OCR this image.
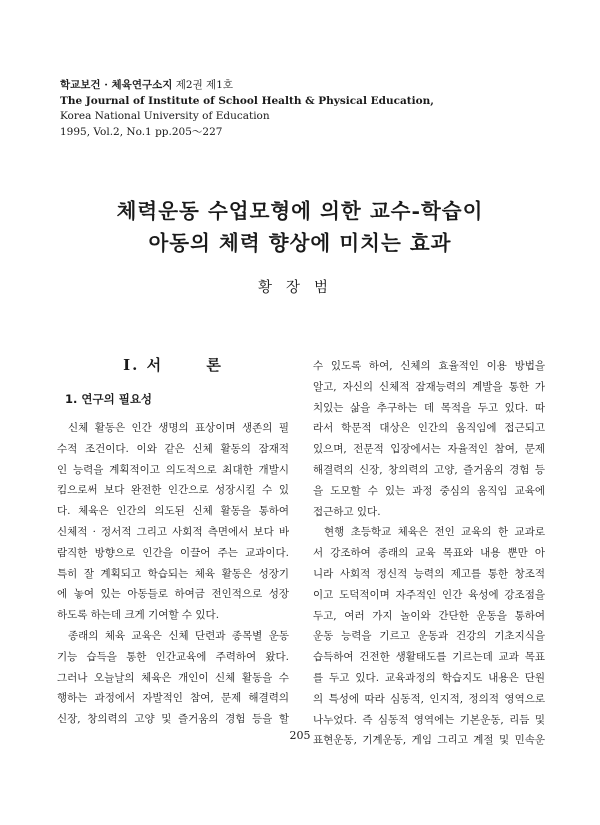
학교보건 · 체육연구소지 제2권 제1호
The Journal of Institute of School Health & Physical Education,
Korea National University of Education
1995, Vol.2, No.1 pp.205～227
체력운동 수업모형에 의한 교수-학습이
아동의 체력 향상에 미치는 효과
황장범
I. 서      론
1. 연구의 필요성

신체 활동은 인간 생명의 표상이며 생존의 필
수적 조건이다. 이와 같은 신체 활동의 잠재적
인 능력을 계획적이고 의도적으로 최대한 개발시
킴으로써 보다 완전한 인간으로 성장시킬 수 있
다. 체육은 인간의 의도된 신체 활동을 통하여
신체적 · 정서적 그리고 사회적 측면에서 보다 바
람직한 방향으로 인간을 이끌어 주는 교과이다.
특히 잘 계획되고 학습되는 체육 활동은 성장기
에 놓여 있는 아동들로 하여금 전인적으로 성장
하도록 하는데 크게 기여할 수 있다.

종래의 체육 교육은 신체 단련과 종목별 운동
기능 습득을 통한 인간교육에 주력하여 왔다.
그러나 오늘날의 체육은 개인이 신체 활동을 수
행하는 과정에서 자발적인 참여, 문제 해결력의
신장, 창의력의 고양 및 즐거움의 경험 등을 할

수 있도록 하여, 신체의 효율적인 이용 방법을
알고, 자신의 신체적 잠재능력의 계발을 통한 가
치있는 삶을 추구하는 데 목적을 두고 있다. 따
라서 학문적 대상은 인간의 움직임에 접근되고
있으며, 전문적 입장에서는 자율적인 참여, 문제
해결력의 신장, 창의력의 고양, 즐거움의 경험 등
을 도모할 수 있는 과정 중심의 움직임 교육에
접근하고 있다.

현행 초등학교 체육은 전인 교육의 한 교과로
서 강조하여 종래의 교육 목표와 내용 뿐만 아
니라 사회적 정신적 능력의 제고를 통한 창조적
이고 도덕적이며 자주적인 인간 육성에 강조점을
두고, 여러 가지 놀이와 간단한 운동을 통하여
운동 능력을 기르고 운동과 건강의 기초지식을
습득하여 건전한 생활태도를 기르는데 교과 목표
를 두고 있다. 교육과정의 학습지도 내용은 단원
의 특성에 따라 심동적, 인지적, 정의적 영역으로
나누었다. 즉 심동적 영역에는 기본운동, 리듬 및
표현운동, 기계운동, 게임 그리고 계절 및 민속운

205
